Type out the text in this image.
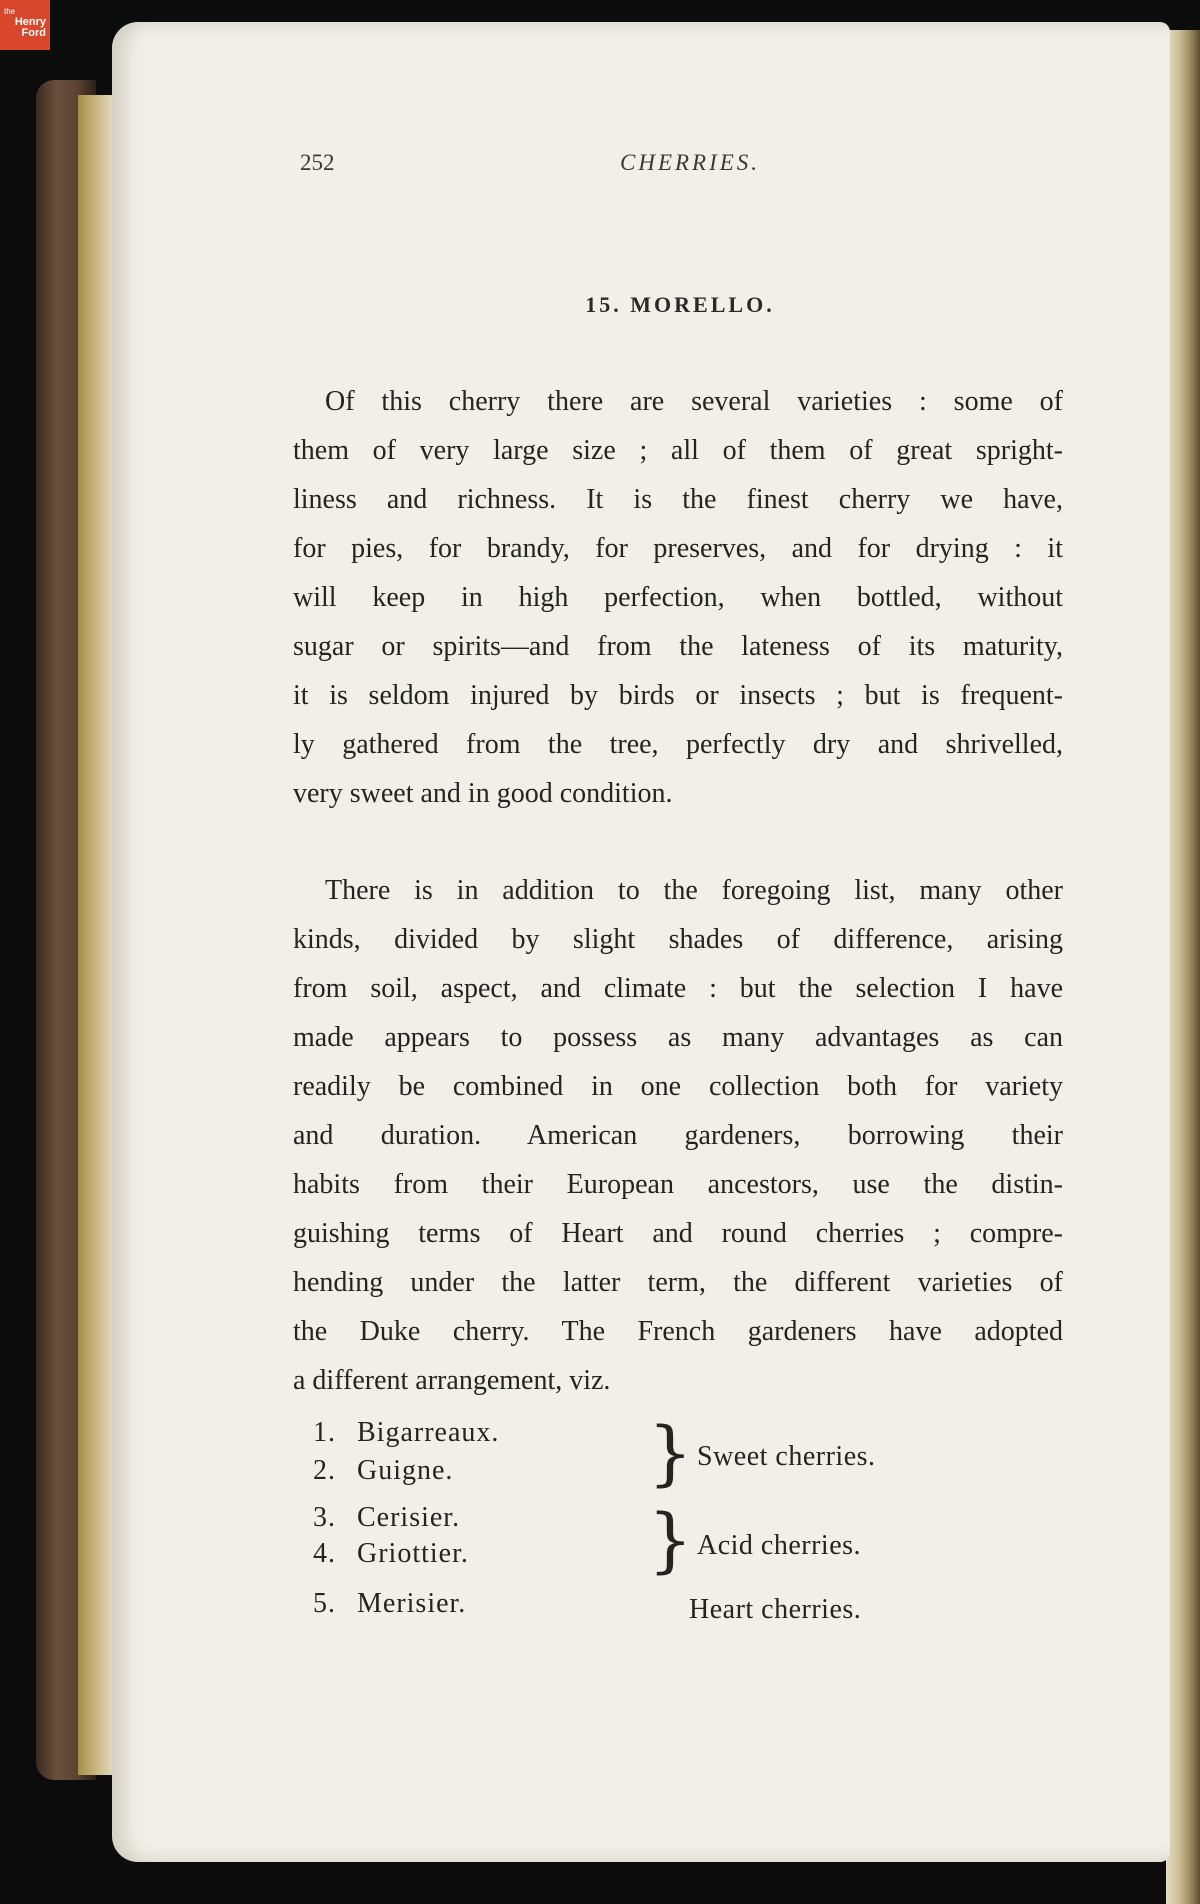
the
Henry Ford
252	CHERRIES.
15. MORELLO.
Of this cherry there are several varieties : some of
them of very large size ; all of them of great spright-
liness and richness. It is the finest cherry we have,
for pies, for brandy, for preserves, and for drying : it
will keep in high perfection, when bottled, without
sugar or spirits—and from the lateness of its maturity,
it is seldom injured by birds or insects ; but is frequent-
ly gathered from the tree, perfectly dry and shrivelled,
very sweet and in good condition.
There is in addition to the foregoing list, many other
kinds, divided by slight shades of difference, arising
from soil, aspect, and climate : but the selection I have
made appears to possess as many advantages as can
readily be combined in one collection both for variety
and duration. American gardeners, borrowing their
habits from their European ancestors, use the distin-
guishing terms of Heart and round cherries ; compre-
hending under the latter term, the different varieties of
the Duke cherry. The French gardeners have adopted
a different arrangement, viz.
1. Bigarreaux.
2. Guigne.
3. Cerisier.
4. Griottier.
5. Merisier.
}
}
Sweet cherries.
Acid cherries.
Heart cherries.
